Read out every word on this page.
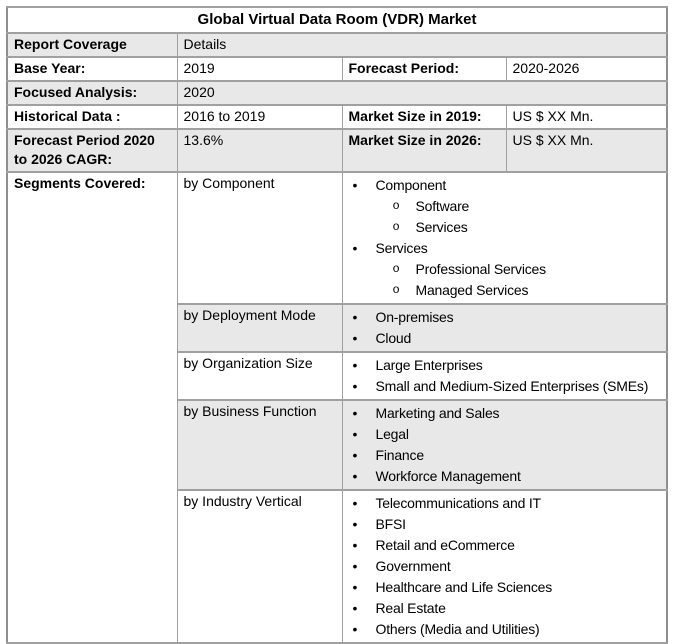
Global Virtual Data Room (VDR) Market			
Report Coverage	Details		
Base Year:	2019	Forecast Period:	2020-2026
Focused Analysis:	2020		
Historical Data :	2016 to 2019	Market Size in 2019:	US $ XX Mn.
Forecast Period 2020 to 2026 CAGR:	13.6%	Market Size in 2026:	US $ XX Mn.
Segments Covered:	by Component	• Component
o Software
o Services
• Services
o Professional Services
o Managed Services

by Deployment Mode	• On-premises
• Cloud

by Organization Size	• Large Enterprises
• Small and Medium-Sized Enterprises (SMEs)

by Business Function	• Marketing and Sales
• Legal
• Finance
• Workforce Management

by Industry Vertical	• Telecommunications and IT
• BFSI
• Retail and eCommerce
• Government
• Healthcare and Life Sciences
• Real Estate
• Others (Media and Utilities)
